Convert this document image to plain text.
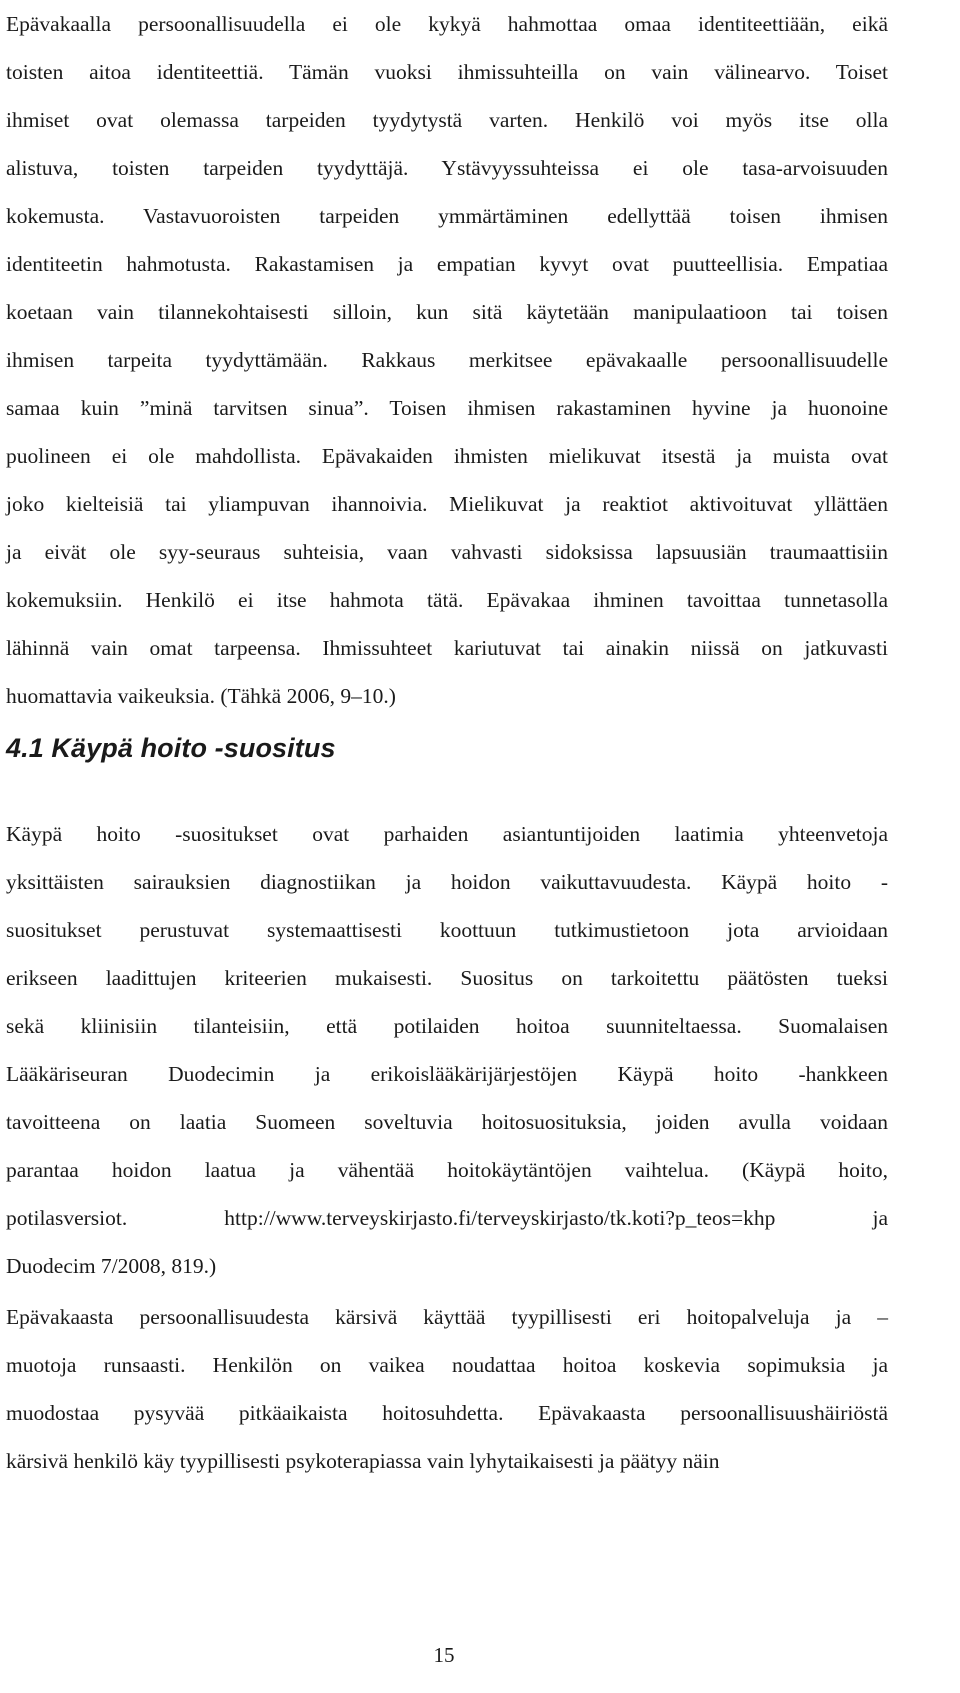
Epävakaalla persoonallisuudella ei ole kykyä hahmottaa omaa identiteettiään, eikä
toisten aitoa identiteettiä. Tämän vuoksi ihmissuhteilla on vain välinearvo. Toiset
ihmiset ovat olemassa tarpeiden tyydytystä varten. Henkilö voi myös itse olla
alistuva, toisten tarpeiden tyydyttäjä. Ystävyyssuhteissa ei ole tasa-arvoisuuden
kokemusta. Vastavuoroisten tarpeiden ymmärtäminen edellyttää toisen ihmisen
identiteetin hahmotusta. Rakastamisen ja empatian kyvyt ovat puutteellisia. Empatiaa
koetaan vain tilannekohtaisesti silloin, kun sitä käytetään manipulaatioon tai toisen
ihmisen tarpeita tyydyttämään. Rakkaus merkitsee epävakaalle persoonallisuudelle
samaa kuin ”minä tarvitsen sinua”. Toisen ihmisen rakastaminen hyvine ja huonoine
puolineen ei ole mahdollista. Epävakaiden ihmisten mielikuvat itsestä ja muista ovat
joko kielteisiä tai yliampuvan ihannoivia. Mielikuvat ja reaktiot aktivoituvat yllättäen
ja eivät ole syy-seuraus suhteisia, vaan vahvasti sidoksissa lapsuusiän traumaattisiin
kokemuksiin. Henkilö ei itse hahmota tätä. Epävakaa ihminen tavoittaa tunnetasolla
lähinnä vain omat tarpeensa. Ihmissuhteet kariutuvat tai ainakin niissä on jatkuvasti
huomattavia vaikeuksia. (Tähkä 2006, 9–10.)
4.1 Käypä hoito -suositus
Käypä hoito -suositukset ovat parhaiden asiantuntijoiden laatimia yhteenvetoja
yksittäisten sairauksien diagnostiikan ja hoidon vaikuttavuudesta. Käypä hoito -
suositukset perustuvat systemaattisesti koottuun tutkimustietoon jota arvioidaan
erikseen laadittujen kriteerien mukaisesti. Suositus on tarkoitettu päätösten tueksi
sekä kliinisiin tilanteisiin, että potilaiden hoitoa suunniteltaessa. Suomalaisen
Lääkäriseuran Duodecimin ja erikoislääkärijärjestöjen Käypä hoito -hankkeen
tavoitteena on laatia Suomeen soveltuvia hoitosuosituksia, joiden avulla voidaan
parantaa hoidon laatua ja vähentää hoitokäytäntöjen vaihtelua. (Käypä hoito,
potilasversiot. http://www.terveyskirjasto.fi/terveyskirjasto/tk.koti?p_teos=khp ja
Duodecim 7/2008, 819.)
Epävakaasta persoonallisuudesta kärsivä käyttää tyypillisesti eri hoitopalveluja ja –
muotoja runsaasti. Henkilön on vaikea noudattaa hoitoa koskevia sopimuksia ja
muodostaa pysyvää pitkäaikaista hoitosuhdetta. Epävakaasta persoonallisuushäiriöstä
kärsivä henkilö käy tyypillisesti psykoterapiassa vain lyhytaikaisesti ja päätyy näin
15
